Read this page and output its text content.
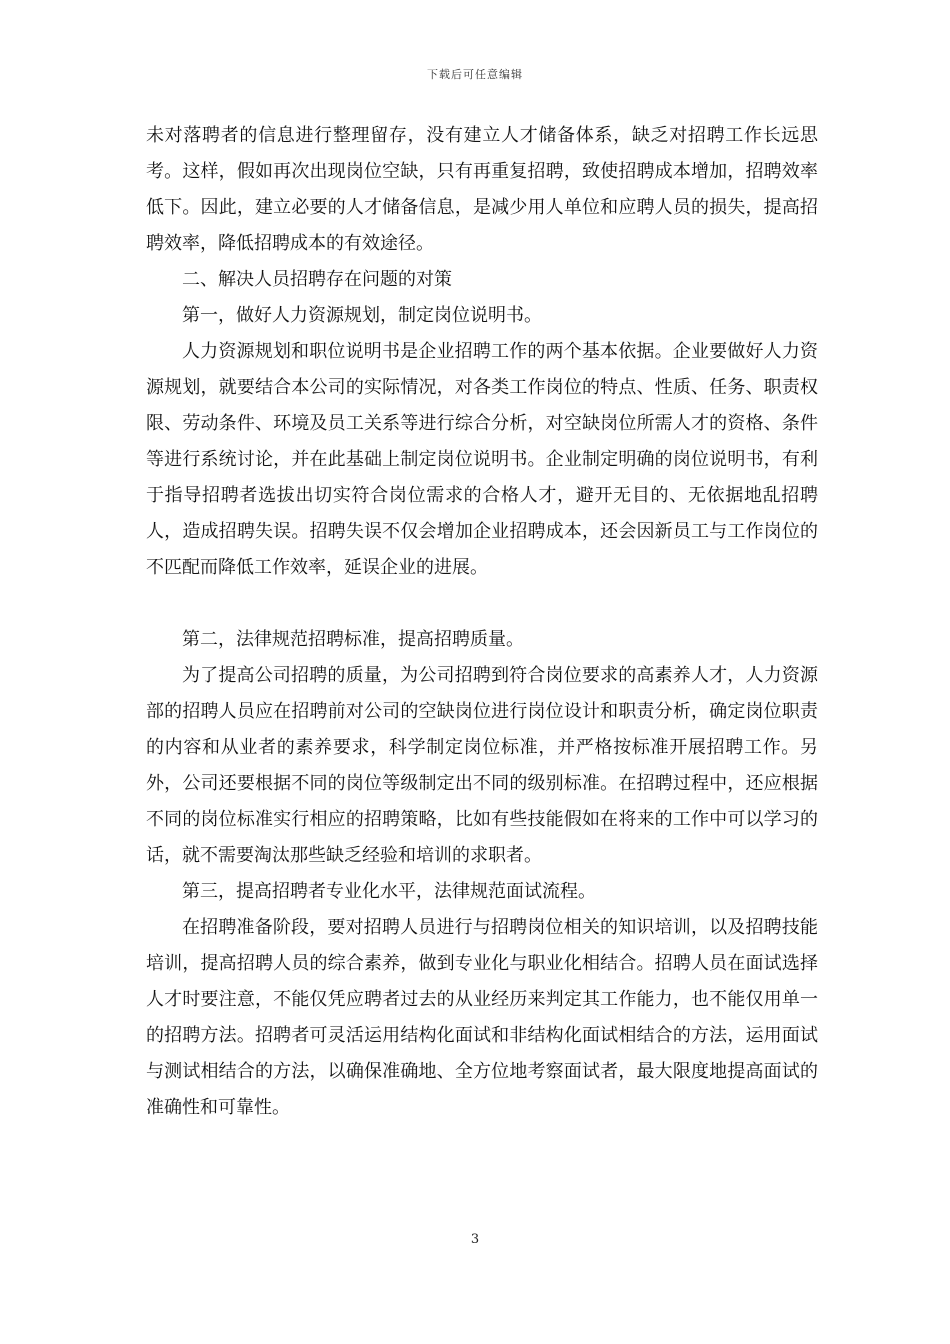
下载后可任意编辑

未对落聘者的信息进行整理留存，没有建立人才储备体系，缺乏对招聘工作长远思考。这样，假如再次出现岗位空缺，只有再重复招聘，致使招聘成本增加，招聘效率低下。因此，建立必要的人才储备信息，是减少用人单位和应聘人员的损失，提高招聘效率，降低招聘成本的有效途径。

二、解决人员招聘存在问题的对策

第一，做好人力资源规划，制定岗位说明书。

人力资源规划和职位说明书是企业招聘工作的两个基本依据。企业要做好人力资源规划，就要结合本公司的实际情况，对各类工作岗位的特点、性质、任务、职责权限、劳动条件、环境及员工关系等进行综合分析，对空缺岗位所需人才的资格、条件等进行系统讨论，并在此基础上制定岗位说明书。企业制定明确的岗位说明书，有利于指导招聘者选拔出切实符合岗位需求的合格人才，避开无目的、无依据地乱招聘人，造成招聘失误。招聘失误不仅会增加企业招聘成本，还会因新员工与工作岗位的不匹配而降低工作效率，延误企业的进展。

第二，法律规范招聘标准，提高招聘质量。

为了提高公司招聘的质量，为公司招聘到符合岗位要求的高素养人才，人力资源部的招聘人员应在招聘前对公司的空缺岗位进行岗位设计和职责分析，确定岗位职责的内容和从业者的素养要求，科学制定岗位标准，并严格按标准开展招聘工作。另外，公司还要根据不同的岗位等级制定出不同的级别标准。在招聘过程中，还应根据不同的岗位标准实行相应的招聘策略，比如有些技能假如在将来的工作中可以学习的话，就不需要淘汰那些缺乏经验和培训的求职者。

第三，提高招聘者专业化水平，法律规范面试流程。

在招聘准备阶段，要对招聘人员进行与招聘岗位相关的知识培训，以及招聘技能培训，提高招聘人员的综合素养，做到专业化与职业化相结合。招聘人员在面试选择人才时要注意，不能仅凭应聘者过去的从业经历来判定其工作能力，也不能仅用单一的招聘方法。招聘者可灵活运用结构化面试和非结构化面试相结合的方法，运用面试与测试相结合的方法，以确保准确地、全方位地考察面试者，最大限度地提高面试的准确性和可靠性。

3
